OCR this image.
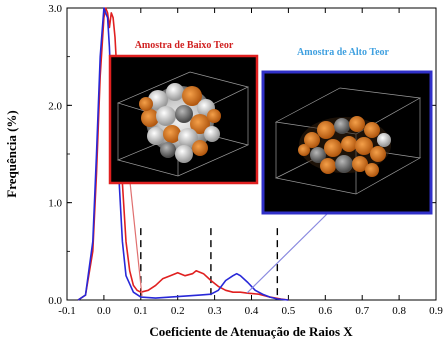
Coeficiente de Atenuação de Raios X
Frequência (%)
-0.1 0.0 0.1 0.2 0.3 0.4 0.5 0.6 0.7 0.8 0.9
0.0
1.0
2.0
3.0
Amostra de Baixo Teor
Amostra de Alto Teor
